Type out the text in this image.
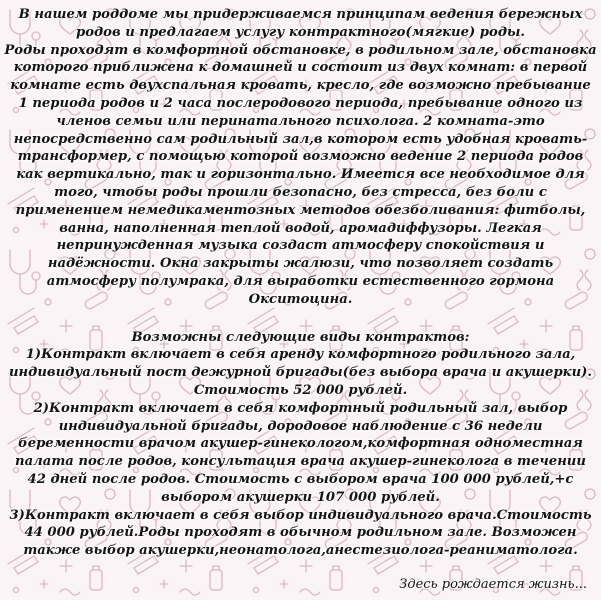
В нашем роддоме мы придерживаемся принципам ведения бережных родов и предлагаем услугу контрактного(мягкие) роды.

Роды проходят в комфортной обстановке, в родильном зале, обстановка которого приближена к домашней и состоит из двух комнат: в первой комнате есть двухспальная кровать, кресло, где возможно пребывание 1 периода родов и 2 часа послеродового периода, пребывание одного из членов семьи или перинатального психолога. 2 комната-это непосредственно сам родильный зал,в котором есть удобная кровать-трансформер, с помощью которой возможно ведение 2 периода родов как вертикально, так и горизонтально. Имеется все необходимое для того, чтобы роды прошли безопасно, без стресса, без боли с применением немедикаментозных методов обезболивания: фитболы, ванна, наполненная теплой водой, аромадиффузоры. Легкая непринужденная музыка создаст атмосферу спокойствия и надёжности. Окна закрыты жалюзи, что позволяет создать атмосферу полумрака, для выработки естественного гормона Окситоцина.

Возможны следующие виды контрактов:

1)Контракт включает в себя аренду комфортного родильного зала, индивидуальный пост дежурной бригады(без выбора врача и акушерки). Стоимость 52 000 рублей.

2)Контракт включает в себя комфортный родильный зал, выбор индивидуальной бригады, дородовое наблюдение с 36 недели беременности врачом акушер-гинекологом,комфортная одноместная палата после родов, консультация врача акушер-гинеколога в течении 42 дней после родов. Стоимость с выбором врача 100 000 рублей,+с выбором акушерки 107 000 рублей.

3)Контракт включает в себя выбор индивидуального врача.Стоимость 44 000 рублей.Роды проходят в обычном родильном зале. Возможен также выбор акушерки,неонатолога,анестезиолога-реаниматолога.

Здесь рождается жизнь...
